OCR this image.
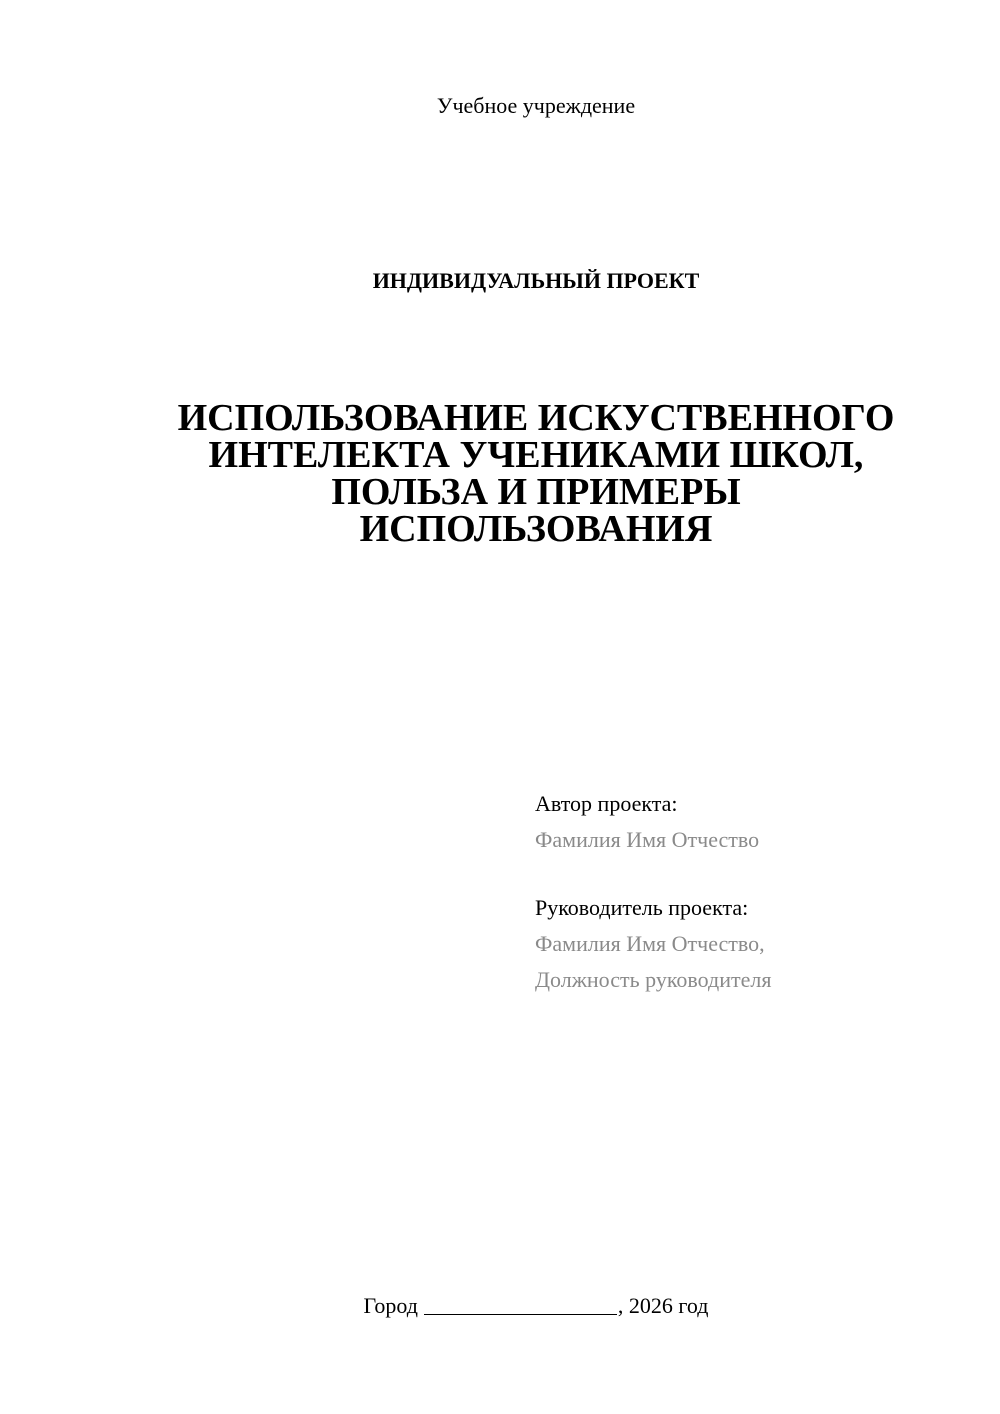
Учебное учреждение
ИНДИВИДУАЛЬНЫЙ ПРОЕКТ
ИСПОЛЬЗОВАНИЕ ИСКУСТВЕННОГО
ИНТЕЛЕКТА УЧЕНИКАМИ ШКОЛ,
ПОЛЬЗА И ПРИМЕРЫ
ИСПОЛЬЗОВАНИЯ
Автор проекта:
Фамилия Имя Отчество
Руководитель проекта:
Фамилия Имя Отчество,
Должность руководителя
Город	, 2026 год
